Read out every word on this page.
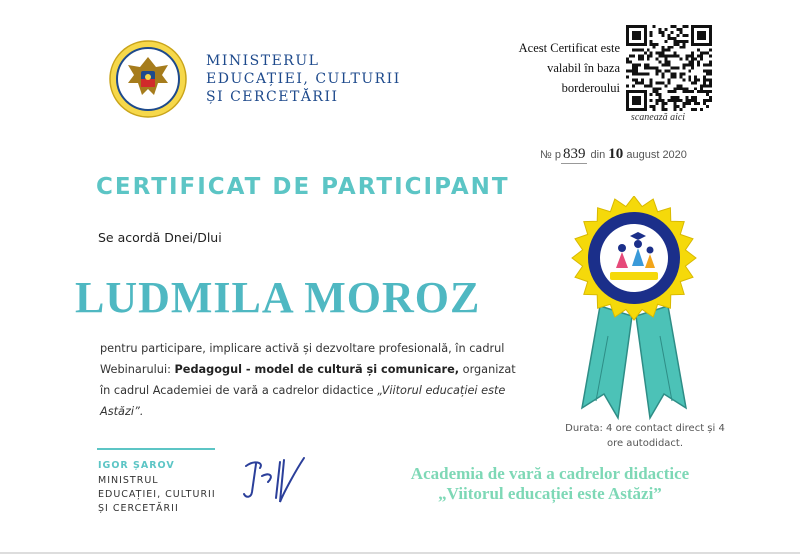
MINISTERUL
EDUCAȚIEI, CULTURII
ȘI CERCETĂRII
Acest Certificat este
valabil în baza
borderoului
scanează aici
№ p 839 din 10 august 2020
CERTIFICAT DE PARTICIPANT
Se acordă Dnei/Dlui
LUDMILA MOROZ
pentru participare, implicare activă și dezvoltare profesională, în cadrul Webinarului: Pedagogul - model de cultură și comunicare, organizat în cadrul Academiei de vară a cadrelor didactice „Viitorul educației este Astăzi”.
Durata: 4 ore contact direct și 4 ore autodidact.
IGOR ȘAROV
MINISTRUL
EDUCAȚIEI, CULTURII
ȘI CERCETĂRII
Academia de vară a cadrelor didactice
„Viitorul educației este Astăzi”
